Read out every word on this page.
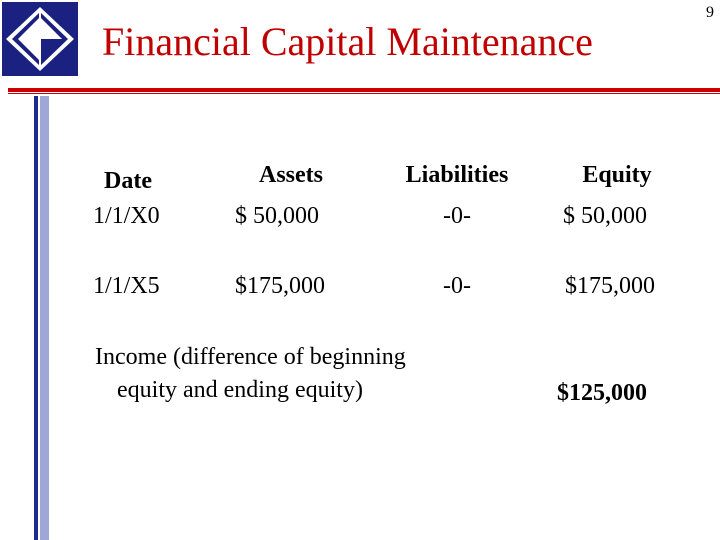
Financial Capital Maintenance
9
Date	Assets	Liabilities	Equity
1/1/X0	$ 50,000	-0-	$ 50,000
1/1/X5	$175,000	-0-	$175,000
Income (difference of beginning
equity and ending equity)	$125,000
